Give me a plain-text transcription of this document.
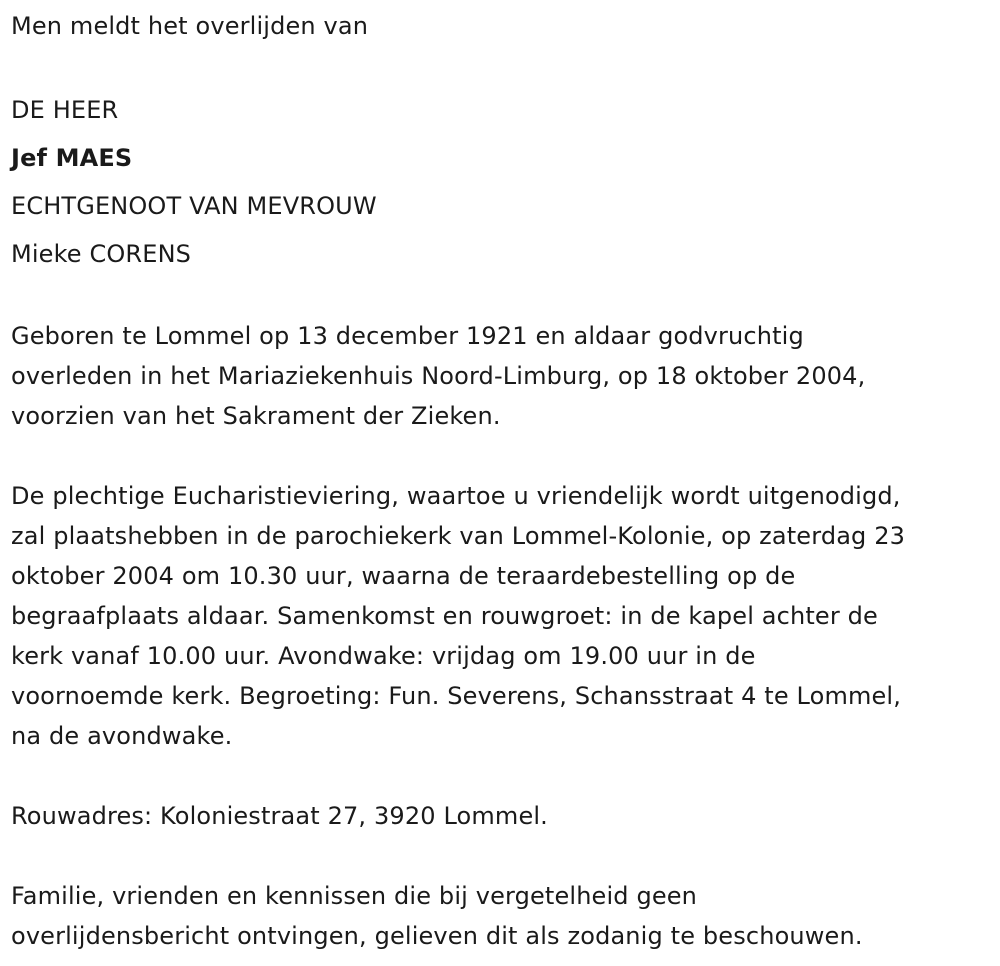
Men meldt het overlijden van
DE HEER
Jef MAES
ECHTGENOOT VAN MEVROUW
Mieke CORENS
Geboren te Lommel op 13 december 1921 en aldaar godvruchtig
overleden in het Mariaziekenhuis Noord-Limburg, op 18 oktober 2004,
voorzien van het Sakrament der Zieken.
De plechtige Eucharistieviering, waartoe u vriendelijk wordt uitgenodigd,
zal plaatshebben in de parochiekerk van Lommel-Kolonie, op zaterdag 23
oktober 2004 om 10.30 uur, waarna de teraardebestelling op de
begraafplaats aldaar. Samenkomst en rouwgroet: in de kapel achter de
kerk vanaf 10.00 uur. Avondwake: vrijdag om 19.00 uur in de
voornoemde kerk. Begroeting: Fun. Severens, Schansstraat 4 te Lommel,
na de avondwake.
Rouwadres: Koloniestraat 27, 3920 Lommel.
Familie, vrienden en kennissen die bij vergetelheid geen
overlijdensbericht ontvingen, gelieven dit als zodanig te beschouwen.
